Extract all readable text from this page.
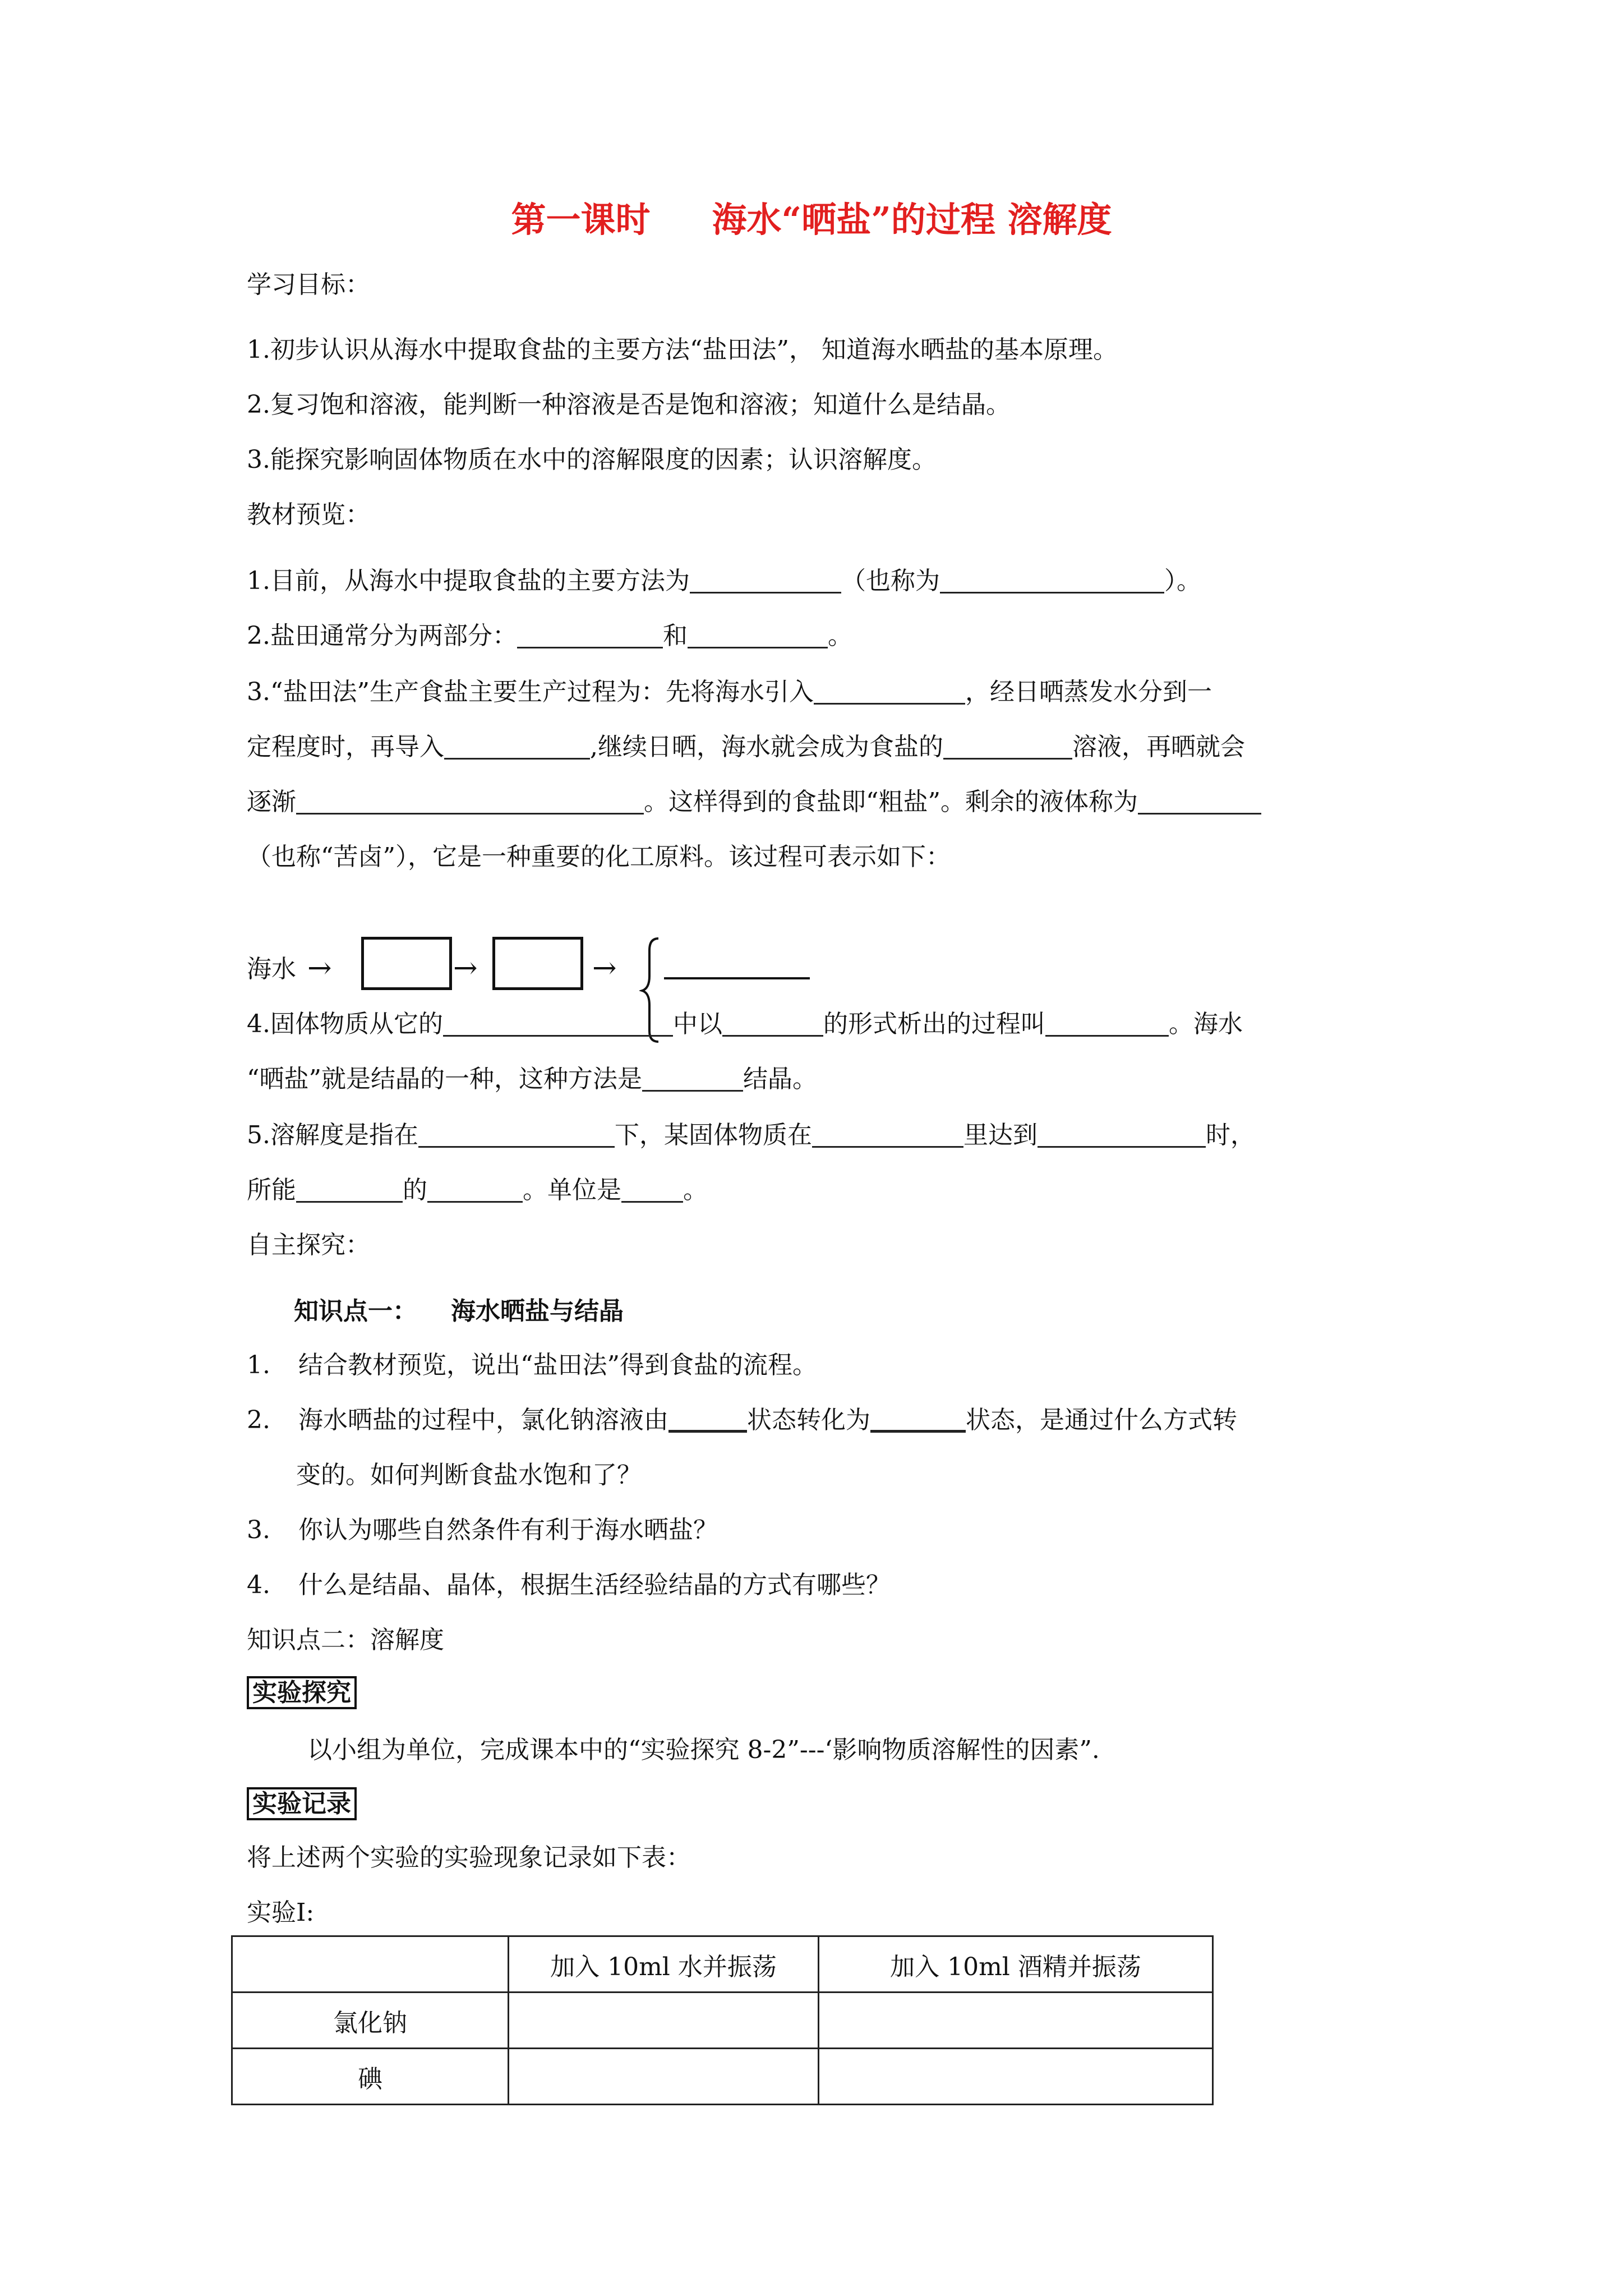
第一课时 海水“晒盐”的过程 溶解度
学习目标：
1.初步认识从海水中提取食盐的主要方法“盐田法”， 知道海水晒盐的基本原理。
2.复习饱和溶液，能判断一种溶液是否是饱和溶液；知道什么是结晶。
3.能探究影响固体物质在水中的溶解限度的因素；认识溶解度。
教材预览：
1.目前，从海水中提取食盐的主要方法为	（也称为	）。
2.盐田通常分为两部分：	和	。
3.“盐田法”生产食盐主要生产过程为：先将海水引入	，经日晒蒸发水分到一
定程度时，再导入	,继续日晒，海水就会成为食盐的	溶液，再晒就会
逐渐	。这样得到的食盐即“粗盐”。剩余的液体称为
（也称“苦卤”），它是一种重要的化工原料。该过程可表示如下：
海水 →	→	→
4.固体物质从它的	中以	的形式析出的过程叫	。海水
“晒盐”就是结晶的一种，这种方法是	结晶。
5.溶解度是指在	下，某固体物质在	里达到	时，
所能	的	。单位是	。
自主探究：
知识点一： 海水晒盐与结晶
1. 结合教材预览，说出“盐田法”得到食盐的流程。
2. 海水晒盐的过程中，氯化钠溶液由	状态转化为	状态，是通过什么方式转
变的。如何判断食盐水饱和了？
3. 你认为哪些自然条件有利于海水晒盐？
4. 什么是结晶、晶体，根据生活经验结晶的方式有哪些？
知识点二：溶解度
实验探究
以小组为单位，完成课本中的“实验探究 8-2”---‘影响物质溶解性的因素”.
实验记录
将上述两个实验的实验现象记录如下表：
实验Ⅰ:
	加入 10ml 水并振荡	加入 10ml 酒精并振荡
氯化钠		
碘		
